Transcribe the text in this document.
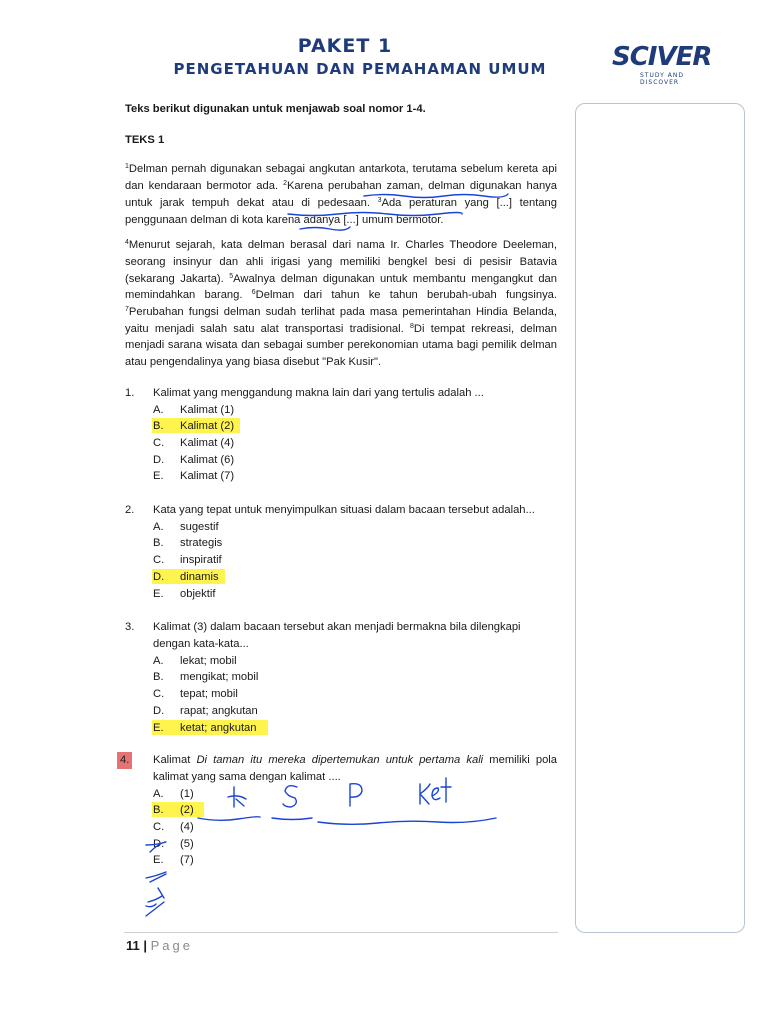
PAKET 1
PENGETAHUAN DAN PEMAHAMAN UMUM	SCIVER
STUDY AND DISCOVER

Teks berikut digunakan untuk menjawab soal nomor 1-4.

TEKS 1

$^1$Delman pernah digunakan sebagai angkutan antarkota, terutama sebelum kereta api dan kendaraan bermotor ada. $^2$Karena perubahan zaman, delman digunakan hanya untuk jarak tempuh dekat atau di pedesaan. $^3$Ada peraturan yang [...] tentang penggunaan delman di kota karena adanya [...] umum bermotor.

$^4$Menurut sejarah, kata delman berasal dari nama Ir. Charles Theodore Deeleman, seorang insinyur dan ahli irigasi yang memiliki bengkel besi di pesisir Batavia (sekarang Jakarta). $^5$Awalnya delman digunakan untuk membantu mengangkut dan memindahkan barang. $^6$Delman dari tahun ke tahun berubah-ubah fungsinya. $^7$Perubahan fungsi delman sudah terlihat pada masa pemerintahan Hindia Belanda, yaitu menjadi salah satu alat transportasi tradisional. $^8$Di tempat rekreasi, delman menjadi sarana wisata dan sebagai sumber perekonomian utama bagi pemilik delman atau pengendalinya yang biasa disebut "Pak Kusir".

1. Kalimat yang menggandung makna lain dari yang tertulis adalah ...
A. Kalimat (1)
B. Kalimat (2)
C. Kalimat (4)
D. Kalimat (6)
E. Kalimat (7)
2. Kata yang tepat untuk menyimpulkan situasi dalam bacaan tersebut adalah...
A. sugestif
B. strategis
C. inspiratif
D. dinamis
E. objektif
3. Kalimat (3) dalam bacaan tersebut akan menjadi bermakna bila dilengkapi dengan kata-kata...
A. lekat; mobil
B. mengikat; mobil
C. tepat; mobil
D. rapat; angkutan
E. ketat; angkutan
4. Kalimat Di taman itu mereka dipertemukan untuk pertama kali memiliki pola kalimat yang sama dengan kalimat ....
A. (1)
B. (2)
C. (4)
D. (5)
E. (7)
11 | Page
